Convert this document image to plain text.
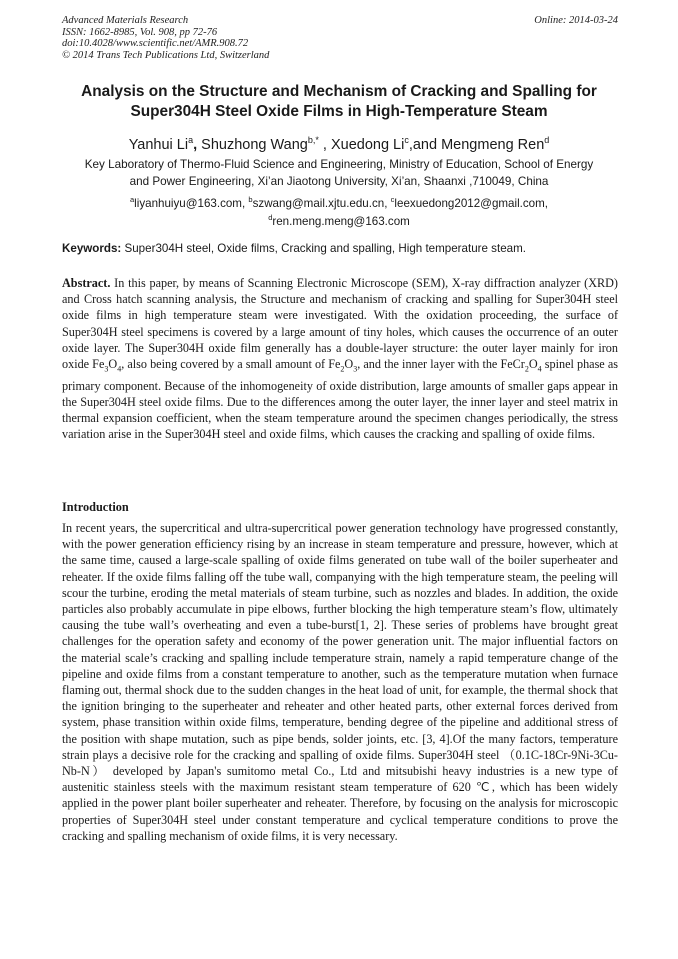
Advanced Materials Research
ISSN: 1662-8985, Vol. 908, pp 72-76
doi:10.4028/www.scientific.net/AMR.908.72
© 2014 Trans Tech Publications Ltd, Switzerland
Online: 2014-03-24
Analysis on the Structure and Mechanism of Cracking and Spalling for
Super304H Steel Oxide Films in High-Temperature Steam
Yanhui Li$^a$, Shuzhong Wang$^{b,*}$ , Xuedong Li$^c$,and Mengmeng Ren$^d$
Key Laboratory of Thermo-Fluid Science and Engineering, Ministry of Education, School of Energy
and Power Engineering, Xi’an Jiaotong University, Xi’an, Shaanxi ,710049, China
$^a$liyanhuiyu@163.com, $^b$szwang@mail.xjtu.edu.cn, $^c$leexuedong2012@gmail.com,
$^d$ren.meng.meng@163.com
Keywords: Super304H steel, Oxide films, Cracking and spalling, High temperature steam.
Abstract. In this paper, by means of Scanning Electronic Microscope (SEM), X-ray diffraction analyzer (XRD) and Cross hatch scanning analysis, the Structure and mechanism of cracking and spalling for Super304H steel oxide films in high temperature steam were investigated. With the oxidation proceeding, the surface of Super304H steel specimens is covered by a large amount of tiny holes, which causes the occurrence of an outer oxide layer. The Super304H oxide film generally has a double-layer structure: the outer layer mainly for iron oxide $Fe_3O_4$, also being covered by a small amount of $Fe_2O_3$, and the inner layer with the $FeCr_2O_4$ spinel phase as primary component. Because of the inhomogeneity of oxide distribution, large amounts of smaller gaps appear in the Super304H steel oxide films. Due to the differences among the outer layer, the inner layer and steel matrix in thermal expansion coefficient, when the steam temperature around the specimen changes periodically, the stress variation arise in the Super304H steel and oxide films, which causes the cracking and spalling of oxide films.
Introduction
In recent years, the supercritical and ultra-supercritical power generation technology have progressed constantly, with the power generation efficiency rising by an increase in steam temperature and pressure, however, which at the same time, caused a large-scale spalling of oxide films generated on tube wall of the boiler superheater and reheater. If the oxide films falling off the tube wall, companying with the high temperature steam, the peeling will scour the turbine, eroding the metal materials of steam turbine, such as nozzles and blades. In addition, the oxide particles also probably accumulate in pipe elbows, further blocking the high temperature steam’s flow, ultimately causing the tube wall’s overheating and even a tube-burst[1, 2]. These series of problems have brought great challenges for the operation safety and economy of the power generation unit. The major influential factors on the material scale’s cracking and spalling include temperature strain, namely a rapid temperature change of the pipeline and oxide films from a constant temperature to another, such as the temperature mutation when furnace flaming out, thermal shock due to the sudden changes in the heat load of unit, for example, the thermal shock that the ignition bringing to the superheater and reheater and other heated parts, other external forces derived from system, phase transition within oxide films, temperature, bending degree of the pipeline and additional stress of the position with shape mutation, such as pipe bends, solder joints, etc. [3, 4].Of the many factors, temperature strain plays a decisive role for the cracking and spalling of oxide films. Super304H steel （0.1C-18Cr-9Ni-3Cu-Nb-N） developed by Japan's sumitomo metal Co., Ltd and mitsubishi heavy industries is a new type of austenitic stainless steels with the maximum resistant steam temperature of 620 ℃, which has been widely applied in the power plant boiler superheater and reheater. Therefore, by focusing on the analysis for microscopic properties of Super304H steel under constant temperature and cyclical temperature conditions to prove the cracking and spalling mechanism of oxide films, it is very necessary.
